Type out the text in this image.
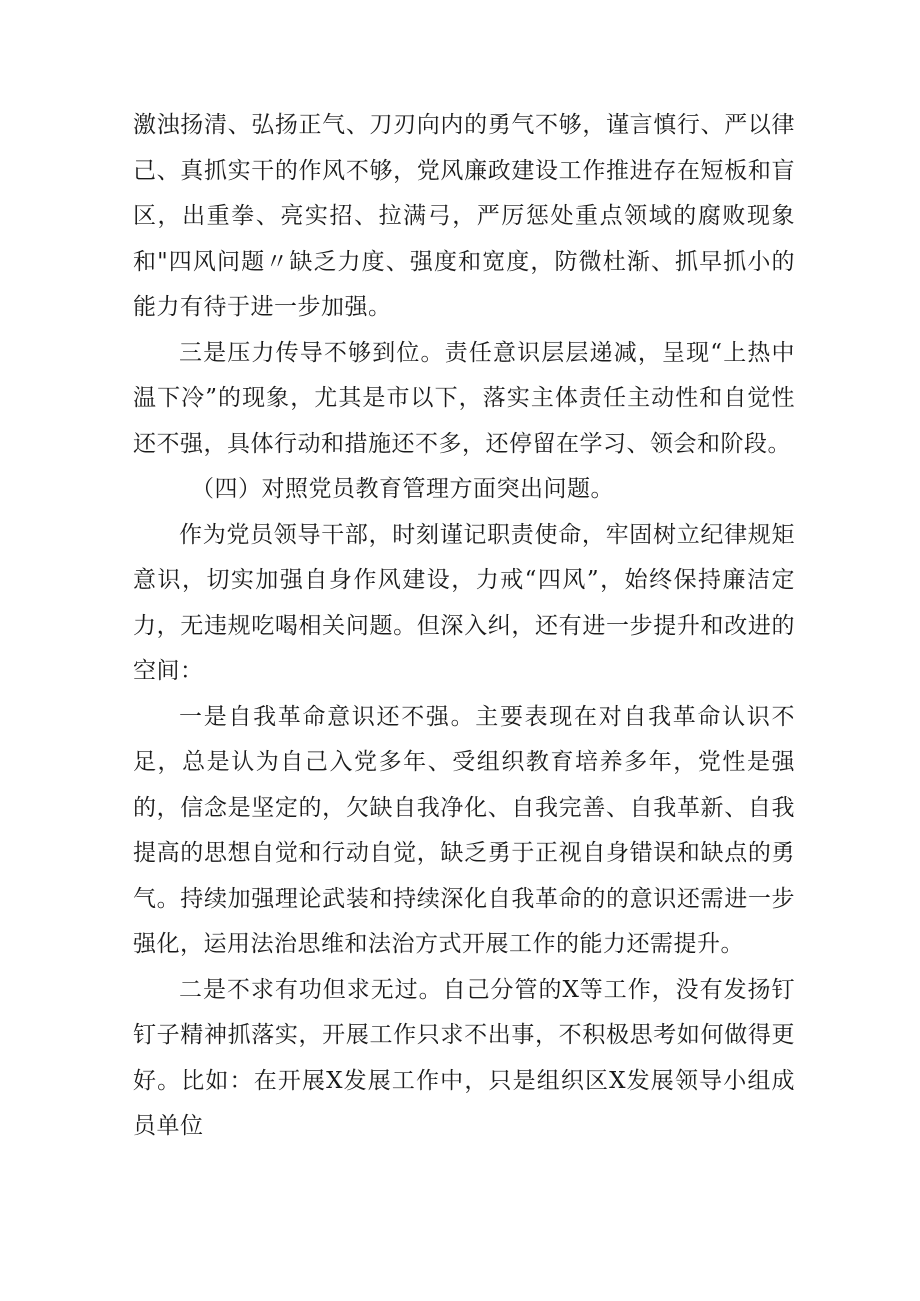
激浊扬清、弘扬正气、刀刃向内的勇气不够，谨言慎行、严以律己、真抓实干的作风不够，党风廉政建设工作推进存在短板和盲区，出重拳、亮实招、拉满弓，严厉惩处重点领域的腐败现象和"四风问题〃缺乏力度、强度和宽度，防微杜渐、抓早抓小的能力有待于进一步加强。

三是压力传导不够到位。责任意识层层递减，呈现“上热中温下冷”的现象，尤其是市以下，落实主体责任主动性和自觉性还不强，具体行动和措施还不多，还停留在学习、领会和阶段。

（四）对照党员教育管理方面突出问题。

作为党员领导干部，时刻谨记职责使命，牢固树立纪律规矩意识，切实加强自身作风建设，力戒“四风”，始终保持廉洁定力，无违规吃喝相关问题。但深入纠，还有进一步提升和改进的空间：

一是自我革命意识还不强。主要表现在对自我革命认识不足，总是认为自己入党多年、受组织教育培养多年，党性是强的，信念是坚定的，欠缺自我净化、自我完善、自我革新、自我提高的思想自觉和行动自觉，缺乏勇于正视自身错误和缺点的勇气。持续加强理论武装和持续深化自我革命的的意识还需进一步强化，运用法治思维和法治方式开展工作的能力还需提升。

二是不求有功但求无过。自己分管的X等工作，没有发扬钉钉子精神抓落实，开展工作只求不出事，不积极思考如何做得更好。比如：在开展X发展工作中，只是组织区X发展领导小组成员单位
